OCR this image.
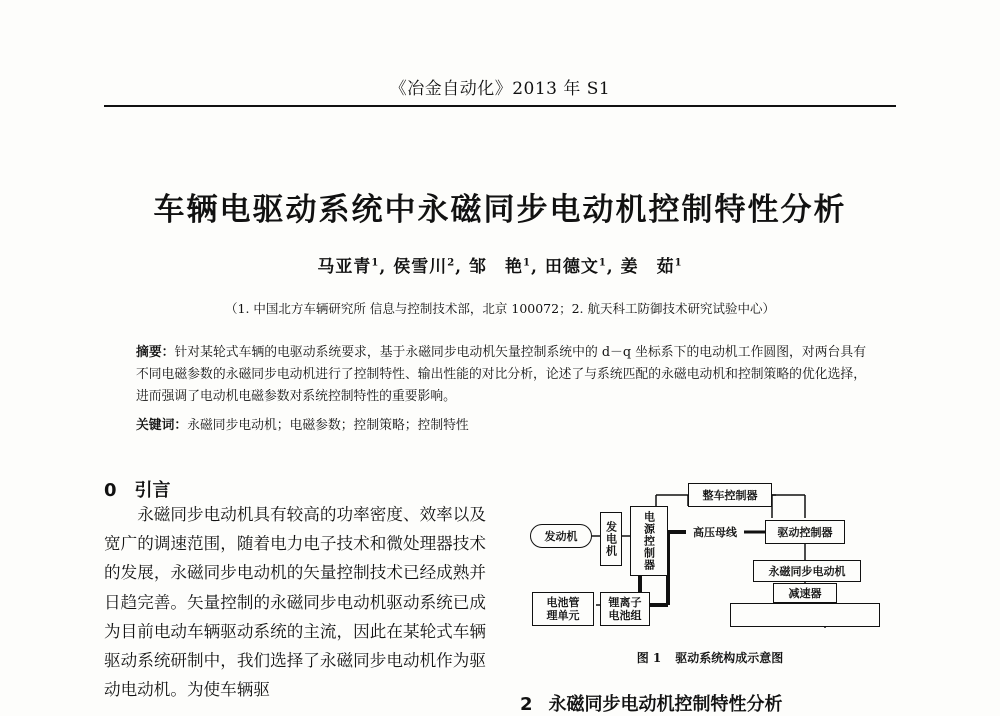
《冶金自动化》2013 年 S1
车辆电驱动系统中永磁同步电动机控制特性分析
马亚青$^1$, 侯雪川$^2$, 邹　艳$^1$, 田德文$^1$, 姜　茹$^1$
（1. 中国北方车辆研究所 信息与控制技术部，北京 100072；2. 航天科工防御技术研究试验中心）
摘要：针对某轮式车辆的电驱动系统要求，基于永磁同步电动机矢量控制系统中的 d－q 坐标系下的电动机工作圆图，对两台具有不同电磁参数的永磁同步电动机进行了控制特性、输出性能的对比分析，论述了与系统匹配的永磁电动机和控制策略的优化选择，进而强调了电动机电磁参数对系统控制特性的重要影响。
关键词：永磁同步电动机；电磁参数；控制策略；控制特性
0 引言

永磁同步电动机具有较高的功率密度、效率以及宽广的调速范围，随着电力电子技术和微处理器技术的发展，永磁同步电动机的矢量控制技术已经成熟并日趋完善。矢量控制的永磁同步电动机驱动系统已成为目前电动车辆驱动系统的主流，因此在某轮式车辆驱动系统研制中，我们选择了永磁同步电动机作为驱动电动机。为使车辆驱

整车控制器
发动机	发电机	电源控制器	高压母线	驱动控制器
永磁同步电动机
减速器
电池管理单元
锂离子电池组
图 1 驱动系统构成示意图
2 永磁同步电动机控制特性分析
